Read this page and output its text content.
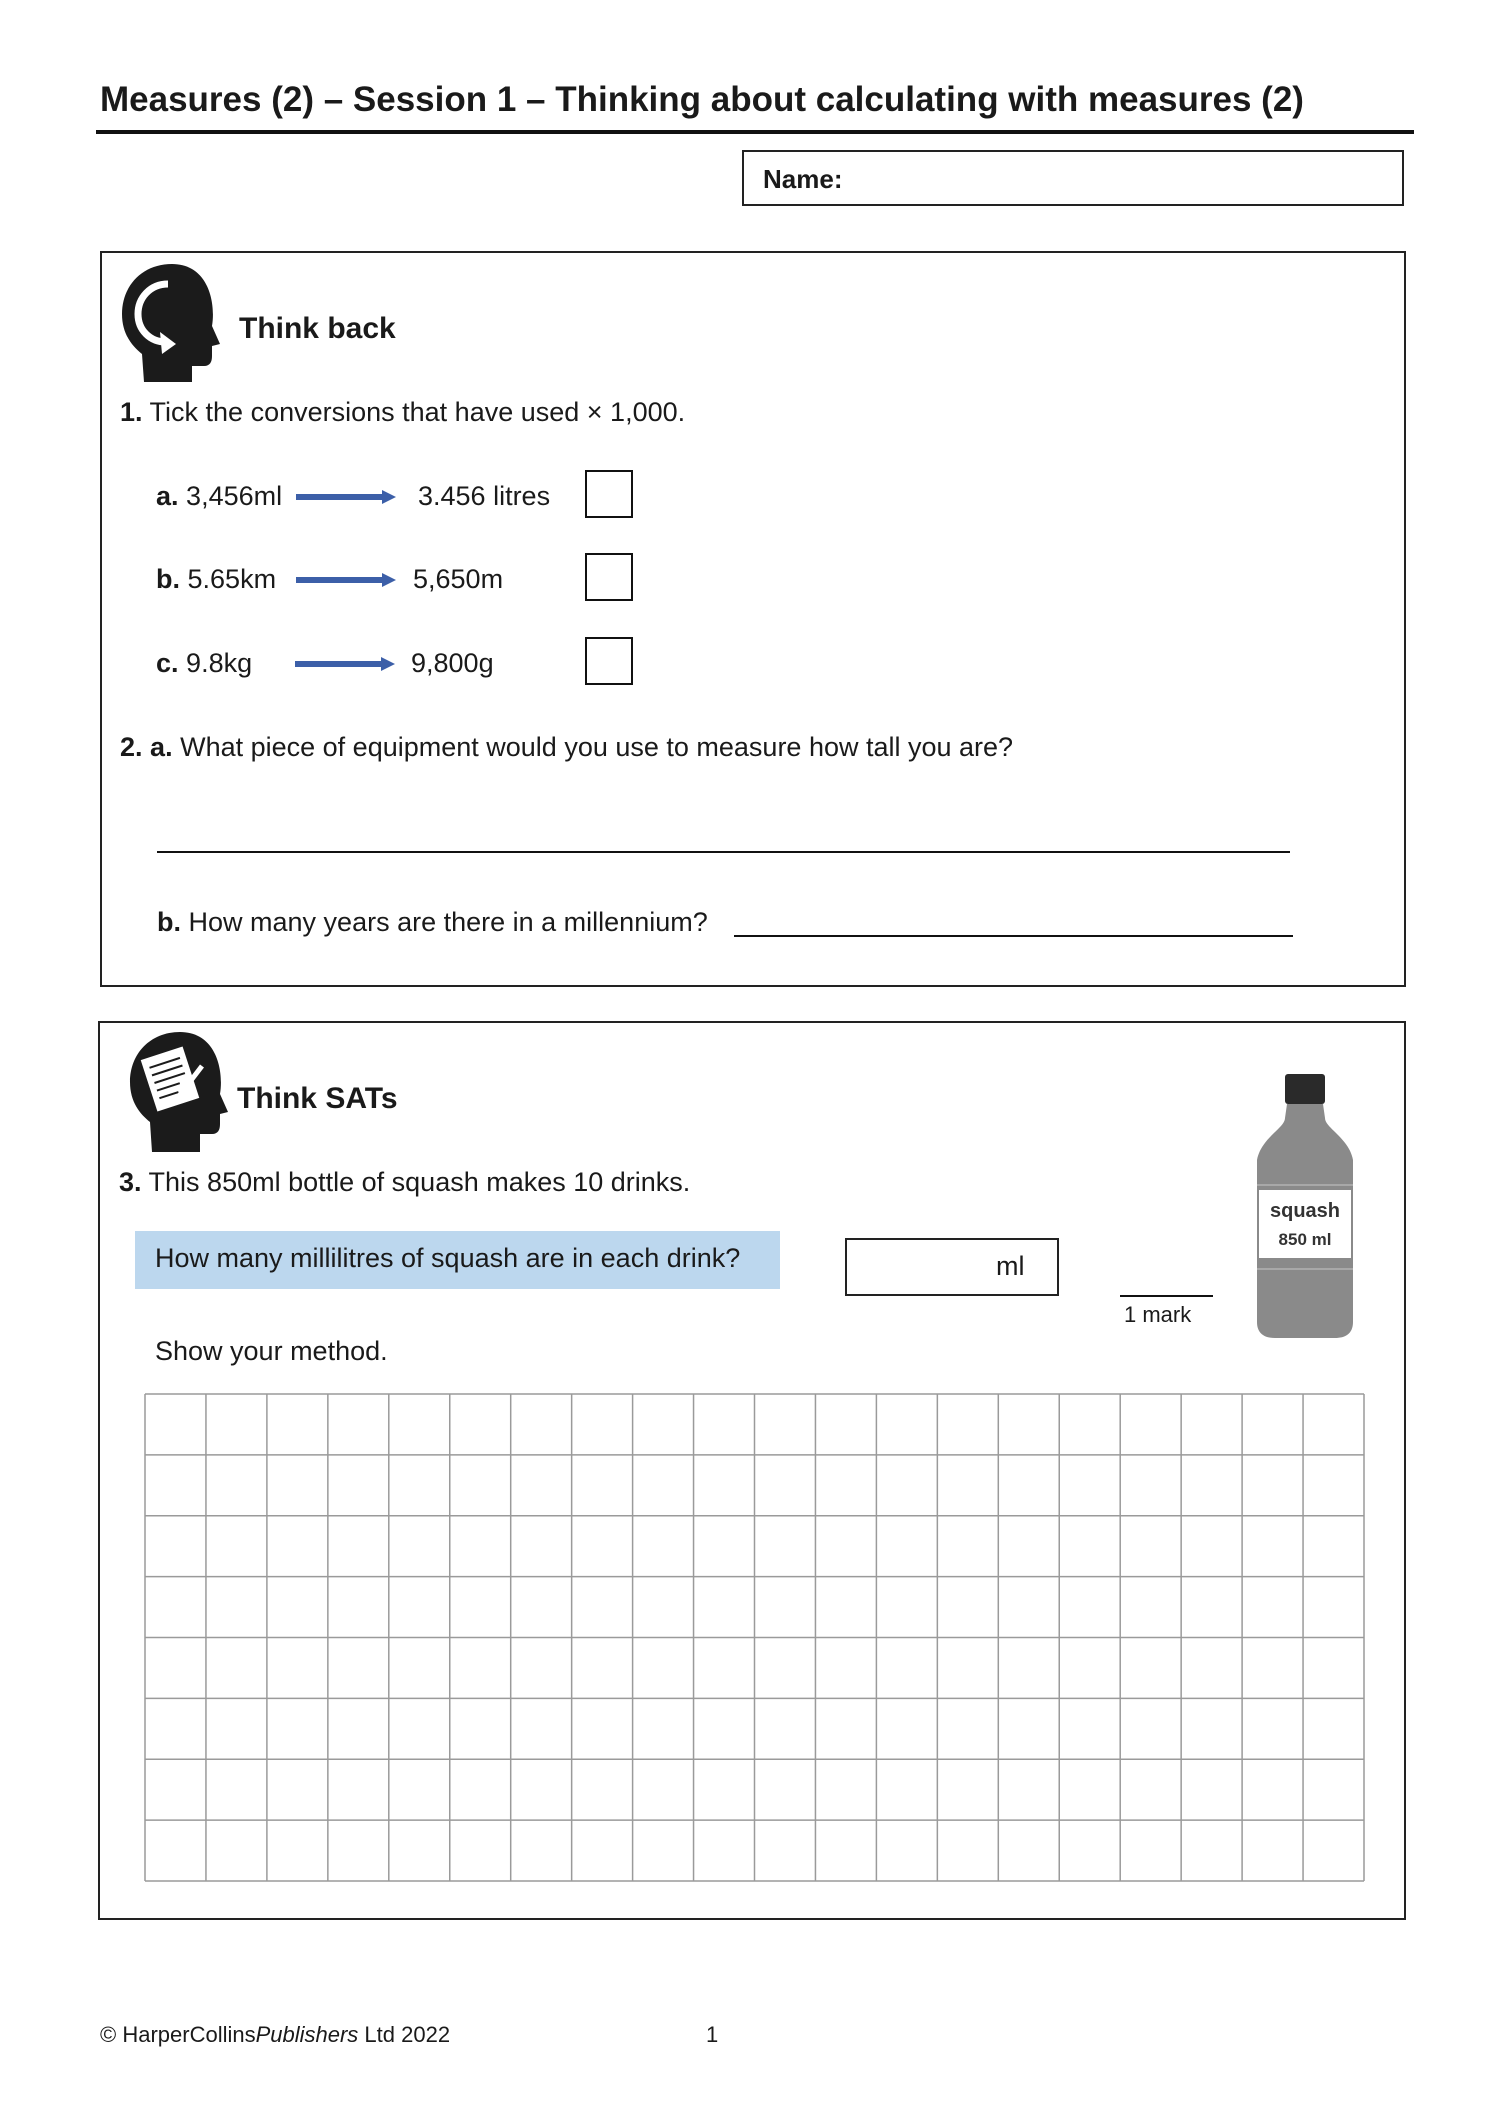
Measures (2) – Session 1 – Thinking about calculating with measures (2)
Name:
Think back
1. Tick the conversions that have used × 1,000.
a. 3,456ml	3.456 litres
b. 5.65km	5,650m
c. 9.8kg	9,800g
2. a. What piece of equipment would you use to measure how tall you are?
b. How many years are there in a millennium?
Think SATs
3. This 850ml bottle of squash makes 10 drinks.
How many millilitres of squash are in each drink?	ml
1 mark
Show your method.
squash
850 ml
© HarperCollinsPublishers Ltd 2022	1
